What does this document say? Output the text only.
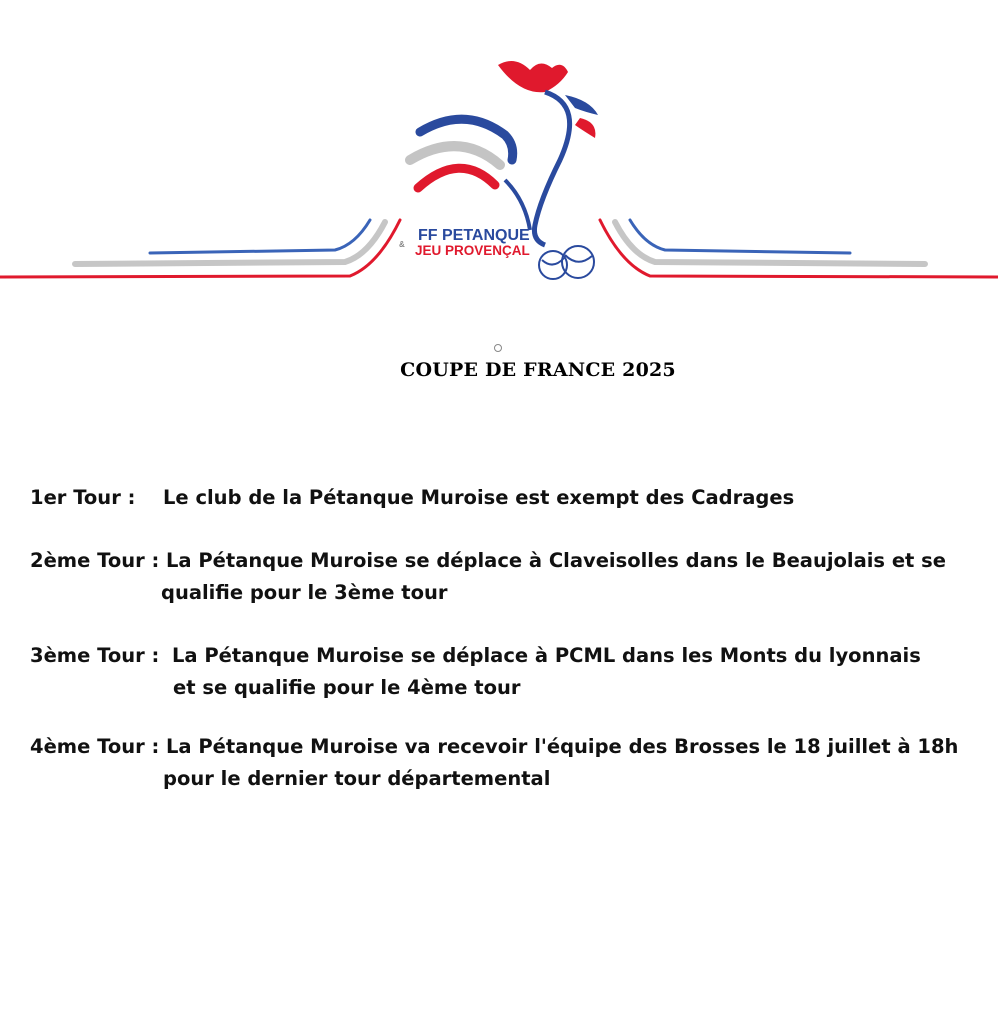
&
FF PETANQUE
JEU PROVENÇAL
COUPE DE FRANCE 2025
1er Tour : Le club de la Pétanque Muroise est exempt des Cadrages
2ème Tour : La Pétanque Muroise se déplace à Claveisolles dans le Beaujolais et se
qualifie pour le 3ème tour
3ème Tour : La Pétanque Muroise se déplace à PCML dans les Monts du lyonnais
et se qualifie pour le 4ème tour
4ème Tour : La Pétanque Muroise va recevoir l'équipe des Brosses le 18 juillet à 18h
pour le dernier tour départemental
